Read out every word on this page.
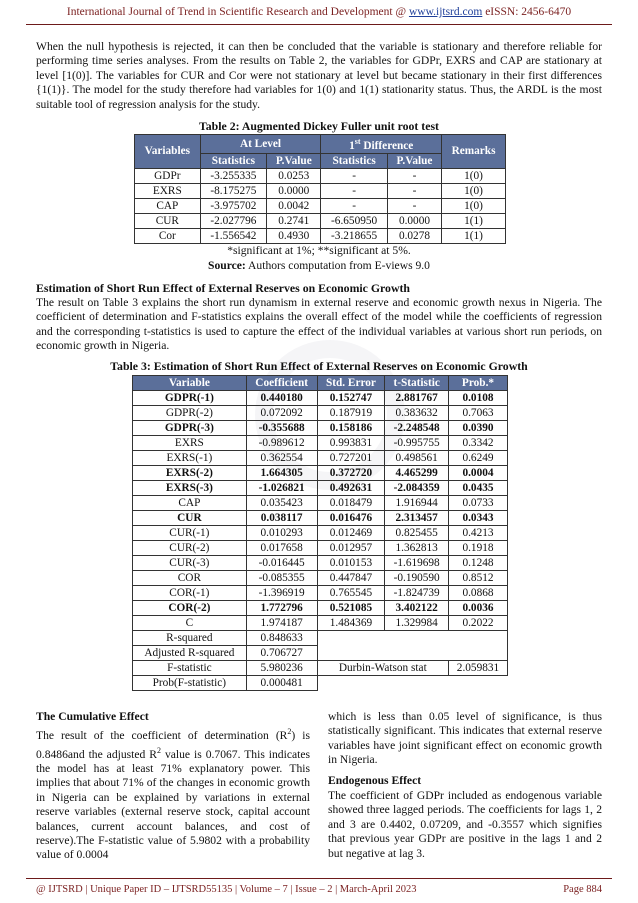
International Journal of Trend in Scientific Research and Development @ www.ijtsrd.com eISSN: 2456-6470

When the null hypothesis is rejected, it can then be concluded that the variable is stationary and therefore reliable for performing time series analyses. From the results on Table 2, the variables for GDPr, EXRS and CAP are stationary at level [1(0)]. The variables for CUR and Cor were not stationary at level but became stationary in their first differences {1(1)}. The model for the study therefore had variables for 1(0) and 1(1) stationarity status. Thus, the ARDL is the most suitable tool of regression analysis for the study.

Table 2: Augmented Dickey Fuller unit root test
Variables	At Level		1st Difference		Remarks
	Statistics	P.Value	Statistics	P.Value	
GDPr	-3.255335	0.0253	-	-	1(0)
EXRS	-8.175275	0.0000	-	-	1(0)
CAP	-3.975702	0.0042	-	-	1(0)
CUR	-2.027796	0.2741	-6.650950	0.0000	1(1)
Cor	-1.556542	0.4930	-3.218655	0.0278	1(1)
*significant at 1%; **significant at 5%.
Source: Authors computation from E-views 9.0
Estimation of Short Run Effect of External Reserves on Economic Growth

The result on Table 3 explains the short run dynamism in external reserve and economic growth nexus in Nigeria. The coefficient of determination and F-statistics explains the overall effect of the model while the coefficients of regression and the corresponding t-statistics is used to capture the effect of the individual variables at various short run periods, on economic growth in Nigeria.

Table 3: Estimation of Short Run Effect of External Reserves on Economic Growth
Variable	Coefficient	Std. Error	t-Statistic	Prob.*
GDPR(-1)	0.440180	0.152747	2.881767	0.0108
GDPR(-2)	0.072092	0.187919	0.383632	0.7063
GDPR(-3)	-0.355688	0.158186	-2.248548	0.0390
EXRS	-0.989612	0.993831	-0.995755	0.3342
EXRS(-1)	0.362554	0.727201	0.498561	0.6249
EXRS(-2)	1.664305	0.372720	4.465299	0.0004
EXRS(-3)	-1.026821	0.492631	-2.084359	0.0435
CAP	0.035423	0.018479	1.916944	0.0733
CUR	0.038117	0.016476	2.313457	0.0343
CUR(-1)	0.010293	0.012469	0.825455	0.4213
CUR(-2)	0.017658	0.012957	1.362813	0.1918
CUR(-3)	-0.016445	0.010153	-1.619698	0.1248
COR	-0.085355	0.447847	-0.190590	0.8512
COR(-1)	-1.396919	0.765545	-1.824739	0.0868
COR(-2)	1.772796	0.521085	3.402122	0.0036
C	1.974187	1.484369	1.329984	0.2022
R-squared	0.848633			
Adjusted R-squared	0.706727			
F-statistic	5.980236	Durbin-Watson stat		2.059831
Prob(F-statistic)	0.000481			
The Cumulative Effect
The result of the coefficient of determination $(R^2)$ is 0.8486and the adjusted $R^2$ value is 0.7067. This indicates the model has at least 71% explanatory power. This implies that about 71% of the changes in economic growth in Nigeria can be explained by variations in external reserve variables (external reserve stock, capital account balances, current account balances, and cost of reserve).The F-statistic value of 5.9802 with a probability value of 0.0004
which is less than 0.05 level of significance, is thus statistically significant. This indicates that external reserve variables have joint significant effect on economic growth in Nigeria.
Endogenous Effect
The coefficient of GDPr included as endogenous variable showed three lagged periods. The coefficients for lags 1, 2 and 3 are 0.4402, 0.07209, and -0.3557 which signifies that previous year GDPr are positive in the lags 1 and 2 but negative at lag 3.
@ IJTSRD | Unique Paper ID – IJTSRD55135 | Volume – 7 | Issue – 2 | March-April 2023	Page 884
